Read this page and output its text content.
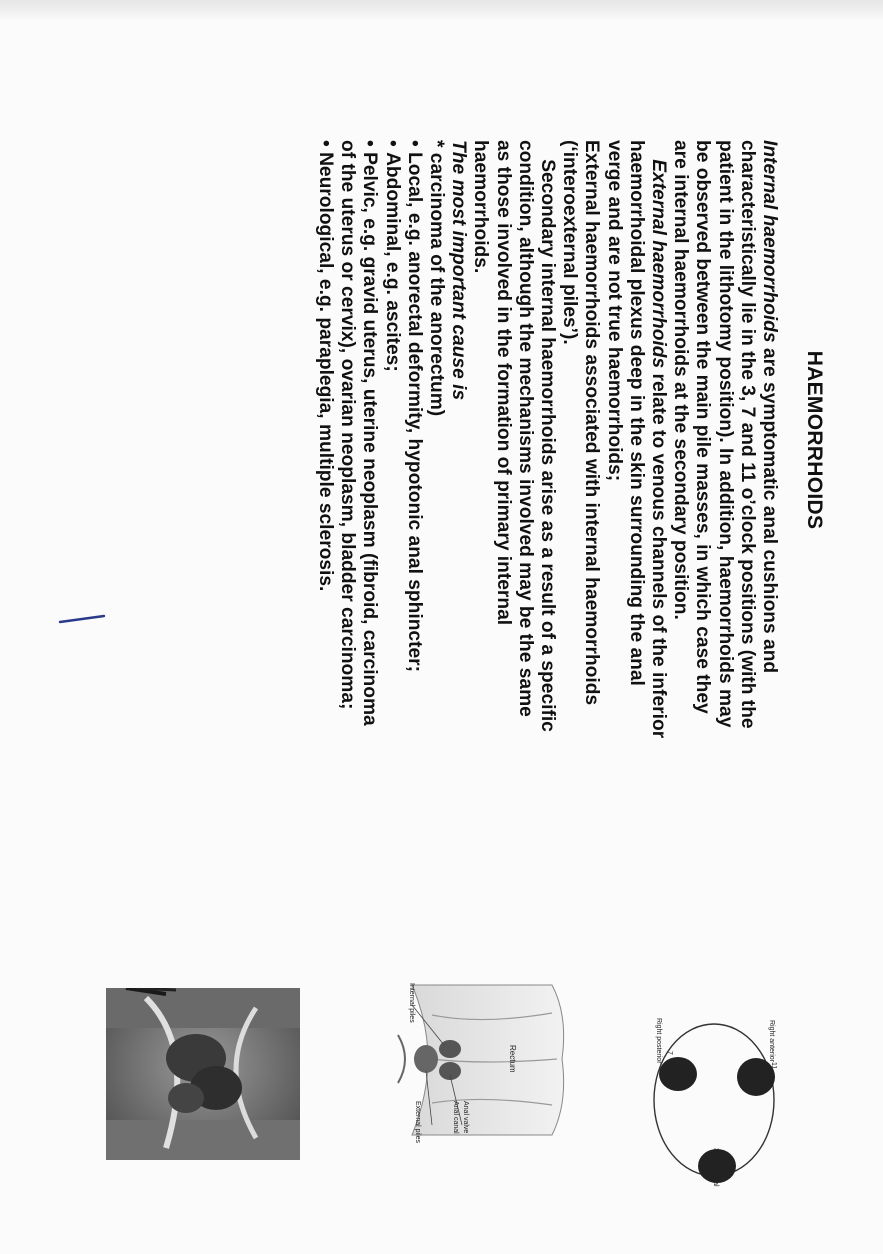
HAEMORRHOIDS

Internal haemorrhoids are symptomatic anal cushions and characteristically lie in the 3, 7 and 11 o’clock positions (with the patient in the lithotomy position). In addition, haemorrhoids may be observed between the main pile masses, in which case they are internal haemorrhoids at the secondary position.

External haemorrhoids relate to venous channels of the inferior haemorrhoidal plexus deep in the skin surrounding the anal verge and are not true haemorrhoids;

External haemorrhoids associated with internal haemorrhoids (‘interoexternal piles’).

Secondary internal haemorrhoids arise as a result of a specific condition, although the mechanisms involved may be the same as those involved in the formation of primary internal haemorrhoids.

The most important cause is

* carcinoma of the anorectum)

• Local, e.g. anorectal deformity, hypotonic anal sphincter;

• Abdominal, e.g. ascites;

• Pelvic, e.g. gravid uterus, uterine neoplasm (fibroid, carcinoma of the uterus or cervix), ovarian neoplasm, bladder carcinoma;

• Neurological, e.g. paraplegia, multiple sclerosis.

Right anterior
11
Right posterior 7
3 Left lateral
Rectum
Internal piles
Anal valve
Anal canal
External piles
